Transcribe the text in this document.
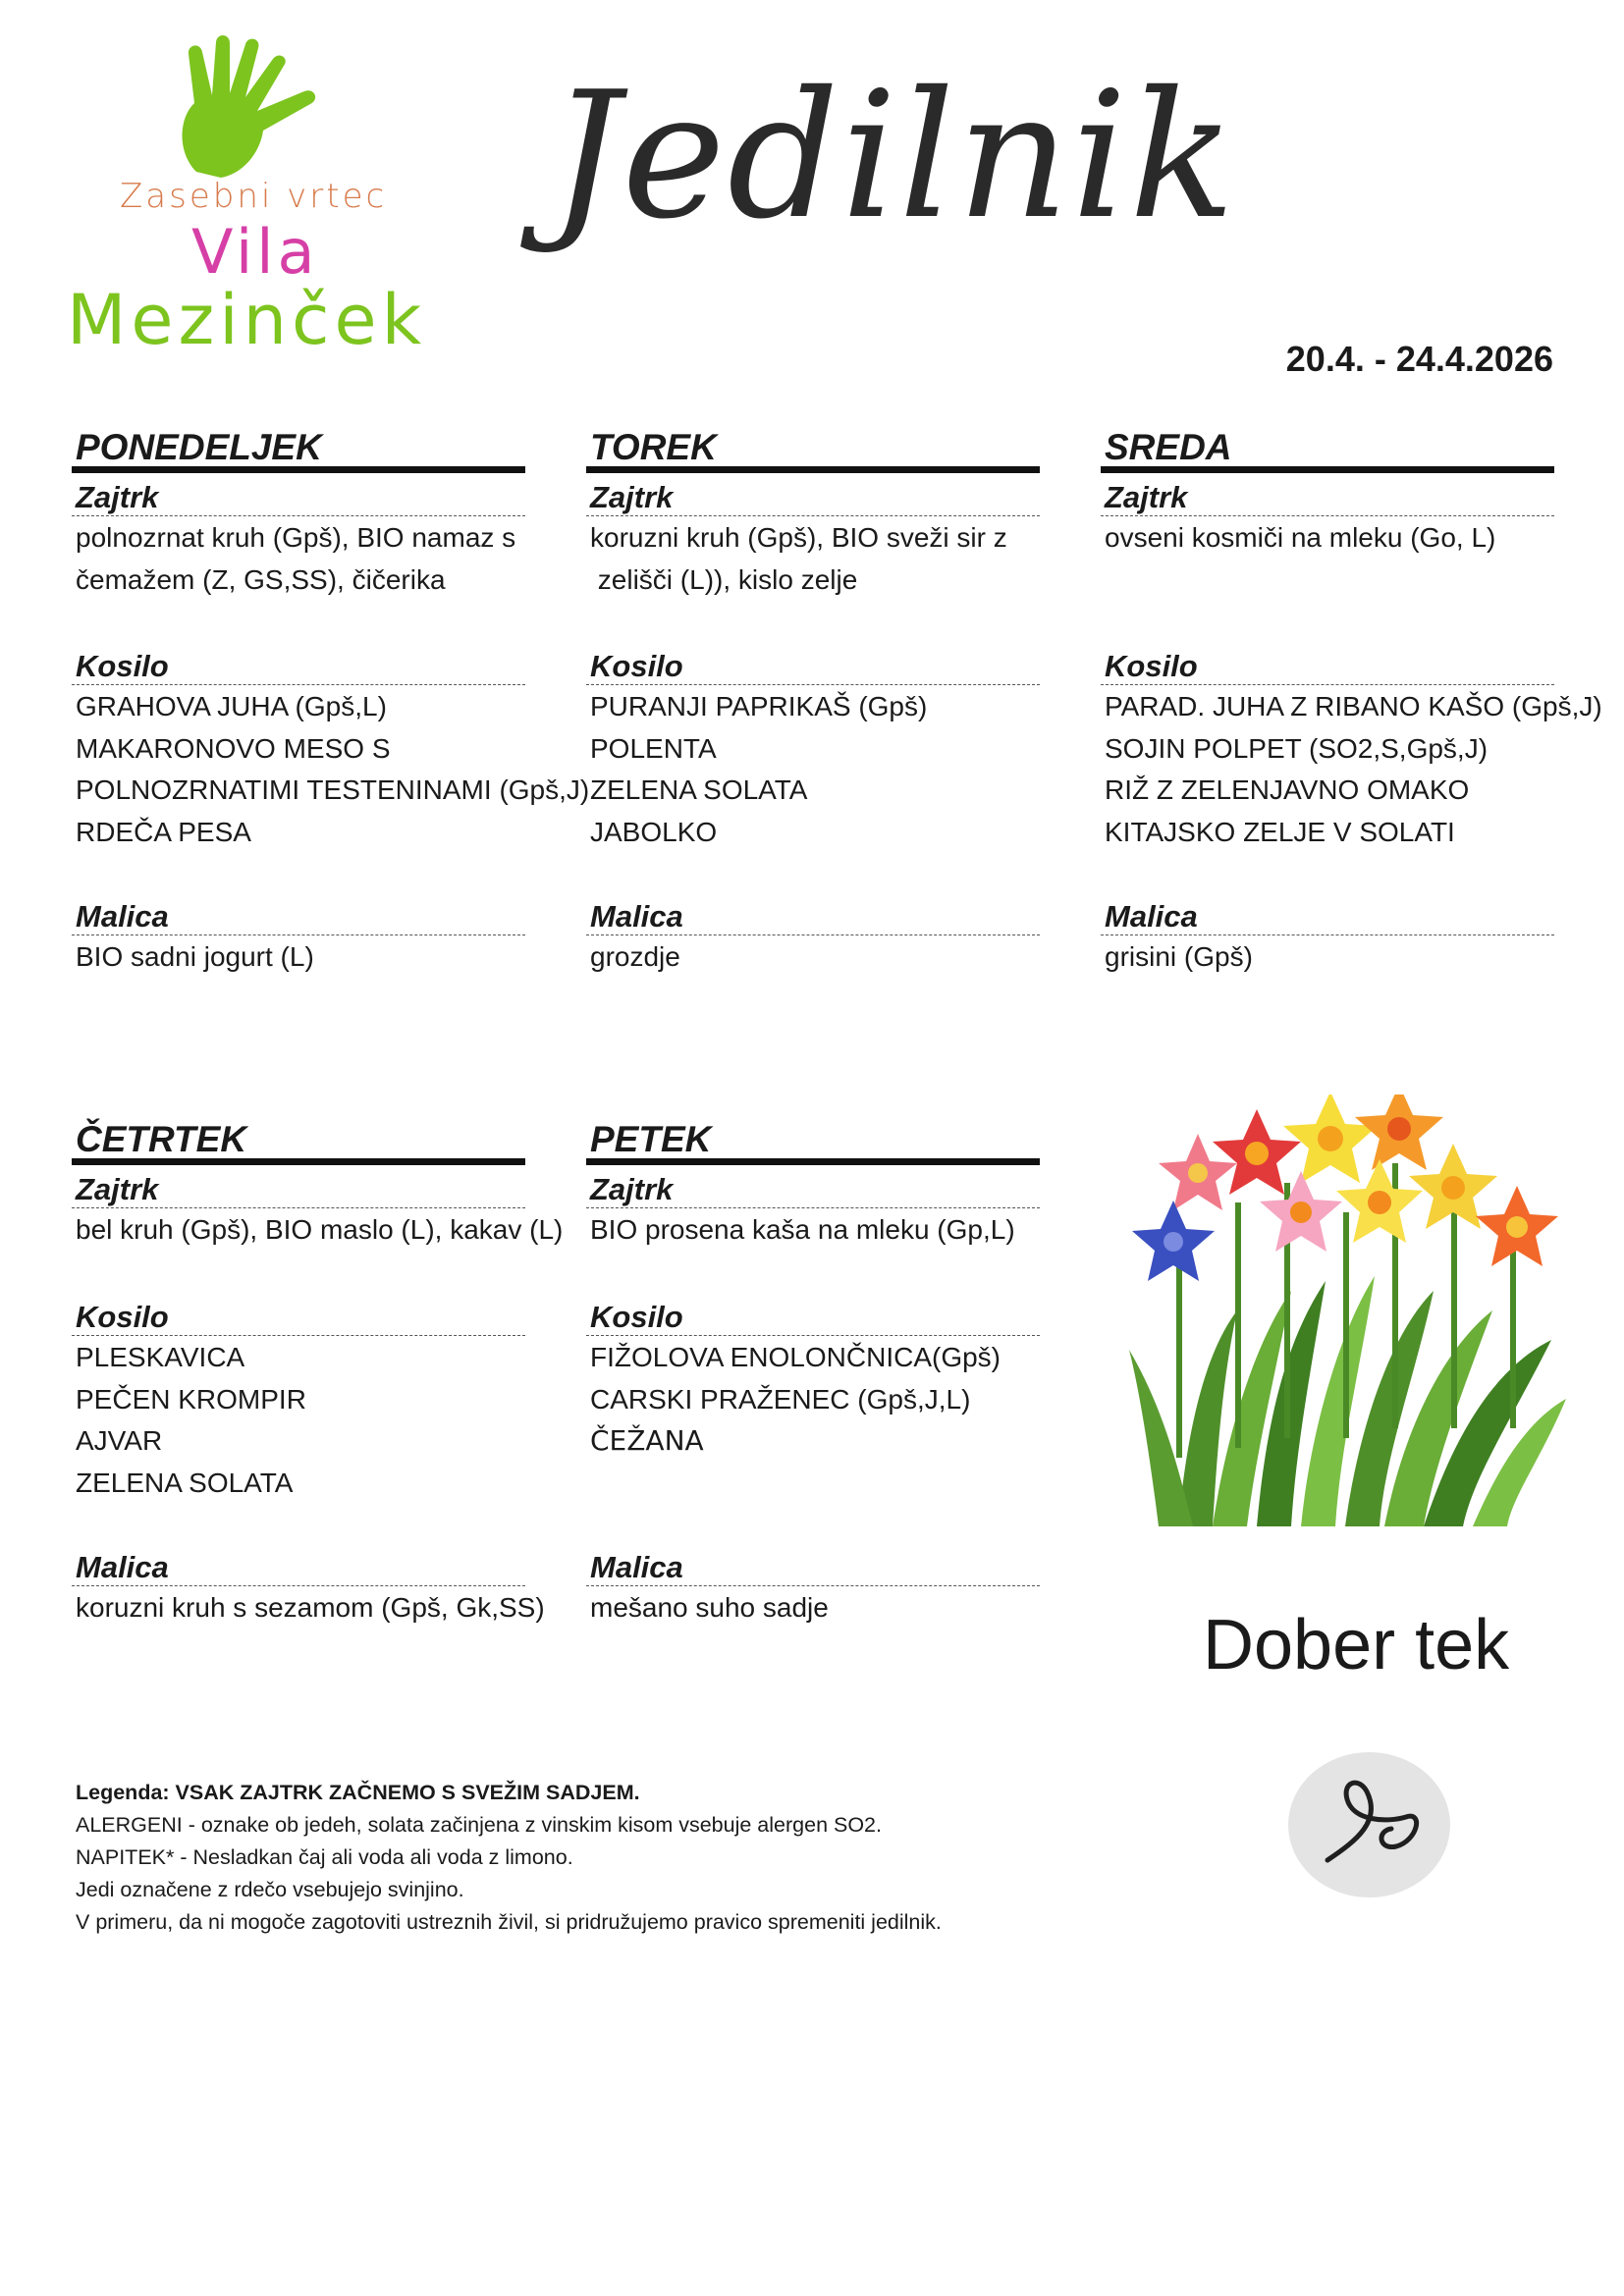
Zasebni vrtec
Vila
Mezinček
Jedilnik
20.4. - 24.4.2026
PONEDELJEK
Zajtrk
polnozrnat kruh (Gpš), BIO namaz s
čemažem (Z, GS,SS), čičerika
Kosilo
GRAHOVA JUHA (Gpš,L)
MAKARONOVO MESO S
POLNOZRNATIMI TESTENINAMI (Gpš,J)
RDEČA PESA
Malica
BIO sadni jogurt (L)
TOREK
Zajtrk
koruzni kruh (Gpš), BIO sveži sir z
zelišči (L)), kislo zelje
Kosilo
PURANJI PAPRIKAŠ (Gpš)
POLENTA
ZELENA SOLATA
JABOLKO
Malica
grozdje
SREDA
Zajtrk
ovseni kosmiči na mleku (Go, L)
Kosilo
PARAD. JUHA Z RIBANO KAŠO (Gpš,J)
SOJIN POLPET (SO2,S,Gpš,J)
RIŽ Z ZELENJAVNO OMAKO
KITAJSKO ZELJE V SOLATI
Malica
grisini (Gpš)
ČETRTEK
Zajtrk
bel kruh (Gpš), BIO maslo (L), kakav (L)
Kosilo
PLESKAVICA
PEČEN KROMPIR
AJVAR
ZELENA SOLATA
Malica
koruzni kruh s sezamom (Gpš, Gk,SS)
PETEK
Zajtrk
BIO prosena kaša na mleku (Gp,L)
Kosilo
FIŽOLOVA ENOLONČNICA(Gpš)
CARSKI PRAŽENEC (Gpš,J,L)
ČEŽANA
Malica
mešano suho sadje	Dober tek
Legenda: VSAK ZAJTRK ZAČNEMO S SVEŽIM SADJEM.
ALERGENI - oznake ob jedeh, solata začinjena z vinskim kisom vsebuje alergen SO2.
NAPITEK* - Nesladkan čaj ali voda ali voda z limono.
Jedi označene z rdečo vsebujejo svinjino.
V primeru, da ni mogoče zagotoviti ustreznih živil, si pridružujemo pravico spremeniti jedilnik.
